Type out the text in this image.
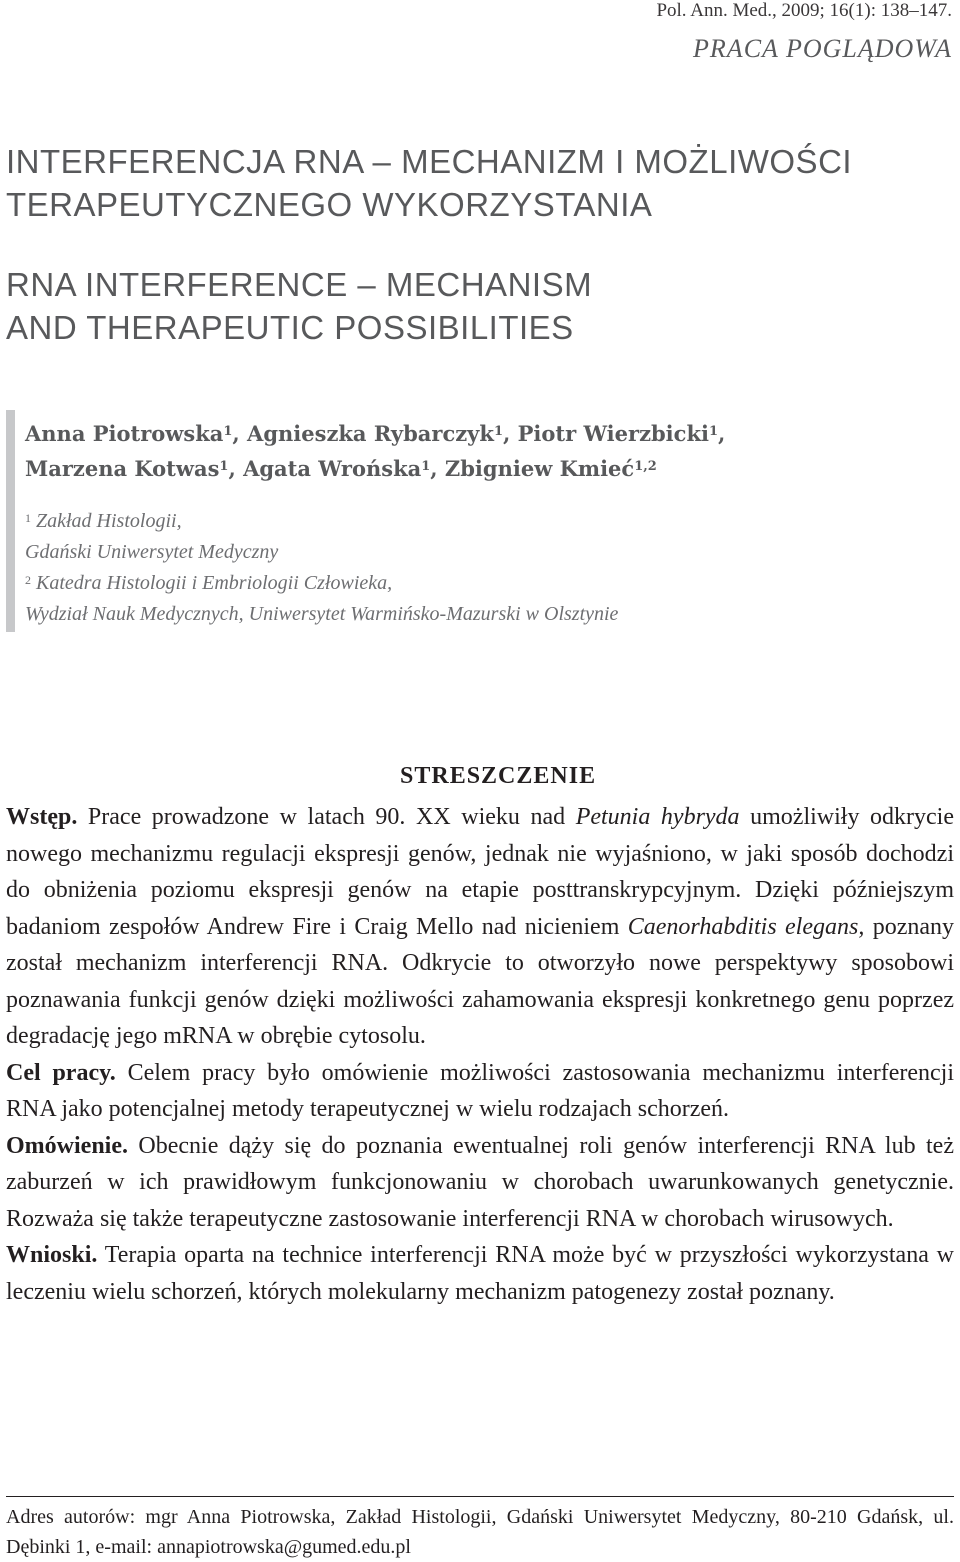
Pol. Ann. Med., 2009; 16(1): 138–147.
PRACA POGLĄDOWA
INTERFERENCJA RNA – MECHANIZM I MOŻLIWOŚCI
TERAPEUTYCZNEGO WYKORZYSTANIA
RNA INTERFERENCE – MECHANISM
AND THERAPEUTIC POSSIBILITIES
Anna Piotrowska$^1$, Agnieszka Rybarczyk$^1$, Piotr Wierzbicki$^1$,
Marzena Kotwas$^1$, Agata Wrońska$^1$, Zbigniew Kmieć$^{1,2}$
$^1$ Zakład Histologii,
Gdański Uniwersytet Medyczny
$^2$ Katedra Histologii i Embriologii Człowieka,
Wydział Nauk Medycznych, Uniwersytet Warmińsko-Mazurski w Olsztynie
STRESZCZENIE

Wstęp. Prace prowadzone w latach 90. XX wieku nad Petunia hybryda umożliwiły odkrycie nowego mechanizmu regulacji ekspresji genów, jednak nie wyjaśniono, w jaki sposób dochodzi do obniżenia poziomu ekspresji genów na etapie posttranskrypcyjnym. Dzięki późniejszym badaniom zespołów Andrew Fire i Craig Mello nad nicieniem Caenorhabditis elegans, poznany został mechanizm interferencji RNA. Odkrycie to otworzyło nowe perspektywy sposobowi poznawania funkcji genów dzięki możliwości zahamowania ekspresji konkretnego genu poprzez degradację jego mRNA w obrębie cytosolu.

Cel pracy. Celem pracy było omówienie możliwości zastosowania mechanizmu interferencji RNA jako potencjalnej metody terapeutycznej w wielu rodzajach schorzeń.

Omówienie. Obecnie dąży się do poznania ewentualnej roli genów interferencji RNA lub też zaburzeń w ich prawidłowym funkcjonowaniu w chorobach uwarunkowanych genetycznie. Rozważa się także terapeutyczne zastosowanie interferencji RNA w chorobach wirusowych.

Wnioski. Terapia oparta na technice interferencji RNA może być w przyszłości wykorzystana w leczeniu wielu schorzeń, których molekularny mechanizm patogenezy został poznany.

Adres autorów: mgr Anna Piotrowska, Zakład Histologii, Gdański Uniwersytet Medyczny, 80-210 Gdańsk, ul. Dębinki 1, e-mail: annapiotrowska@gumed.edu.pl
